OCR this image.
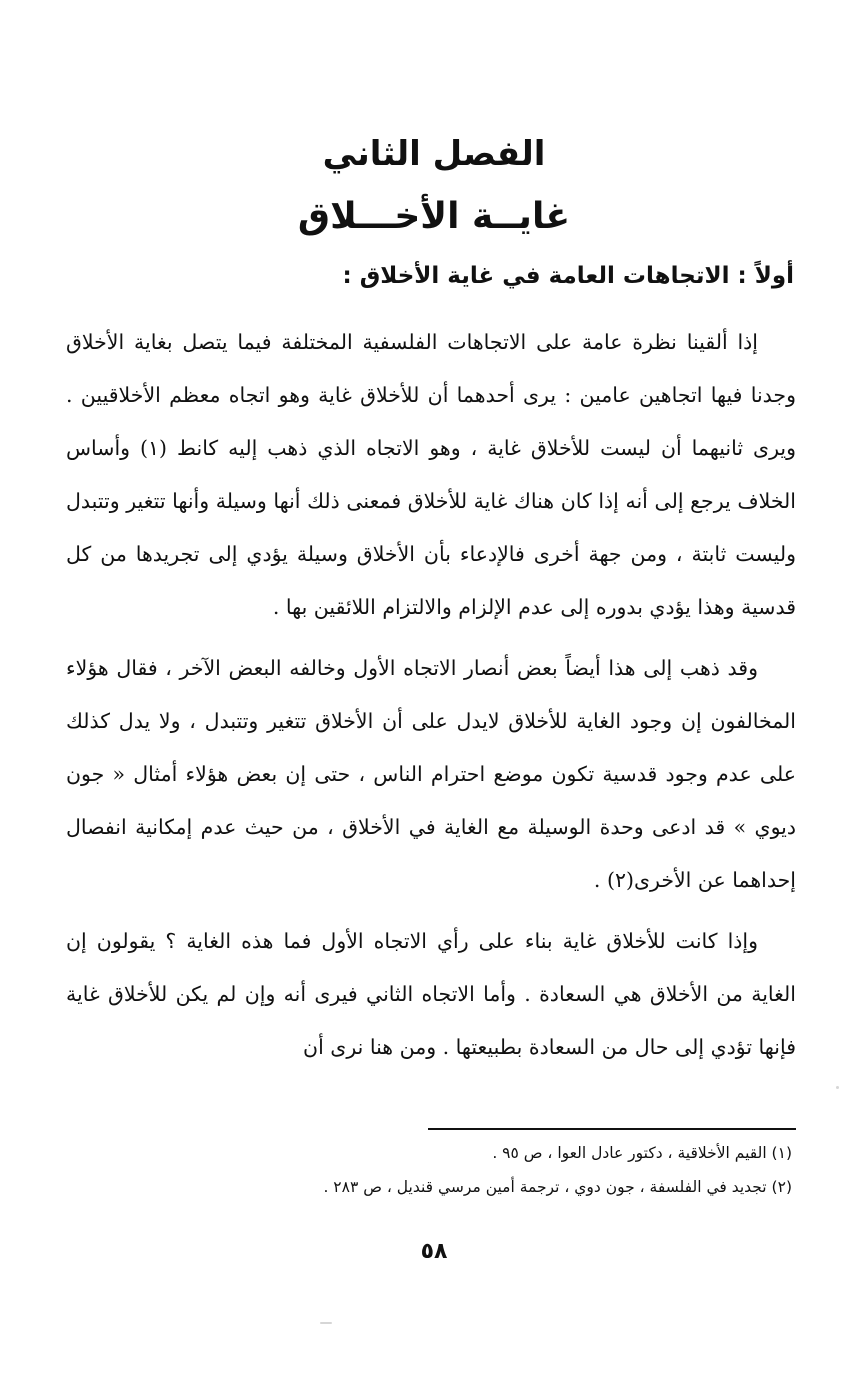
الفصل الثاني
غايــة الأخـــلاق
أولاً : الاتجاهات العامة في غاية الأخلاق :

إذا ألقينا نظرة عامة على الاتجاهات الفلسفية المختلفة فيما يتصل بغاية الأخلاق وجدنا فيها اتجاهين عامين : يرى أحدهما أن للأخلاق غاية وهو اتجاه معظم الأخلاقيين . ويرى ثانيهما أن ليست للأخلاق غاية ، وهو الاتجاه الذي ذهب إليه كانط (١) وأساس الخلاف يرجع إلى أنه إذا كان هناك غاية للأخلاق فمعنى ذلك أنها وسيلة وأنها تتغير وتتبدل وليست ثابتة ، ومن جهة أخرى فالإدعاء بأن الأخلاق وسيلة يؤدي إلى تجريدها من كل قدسية وهذا يؤدي بدوره إلى عدم الإلزام والالتزام اللائقين بها .

وقد ذهب إلى هذا أيضاً بعض أنصار الاتجاه الأول وخالفه البعض الآخر ، فقال هؤلاء المخالفون إن وجود الغاية للأخلاق لايدل على أن الأخلاق تتغير وتتبدل ، ولا يدل كذلك على عدم وجود قدسية تكون موضع احترام الناس ، حتى إن بعض هؤلاء أمثال « جون ديوي » قد ادعى وحدة الوسيلة مع الغاية في الأخلاق ، من حيث عدم إمكانية انفصال إحداهما عن الأخرى(٢) .

وإذا كانت للأخلاق غاية بناء على رأي الاتجاه الأول فما هذه الغاية ؟ يقولون إن الغاية من الأخلاق هي السعادة . وأما الاتجاه الثاني فيرى أنه وإن لم يكن للأخلاق غاية فإنها تؤدي إلى حال من السعادة بطبيعتها . ومن هنا نرى أن

(١) القيم الأخلاقية ، دكتور عادل العوا ، ص ٩٥ .

(٢) تجديد في الفلسفة ، جون دوي ، ترجمة أمين مرسي قنديل ، ص ٢٨٣ .

٥٨
